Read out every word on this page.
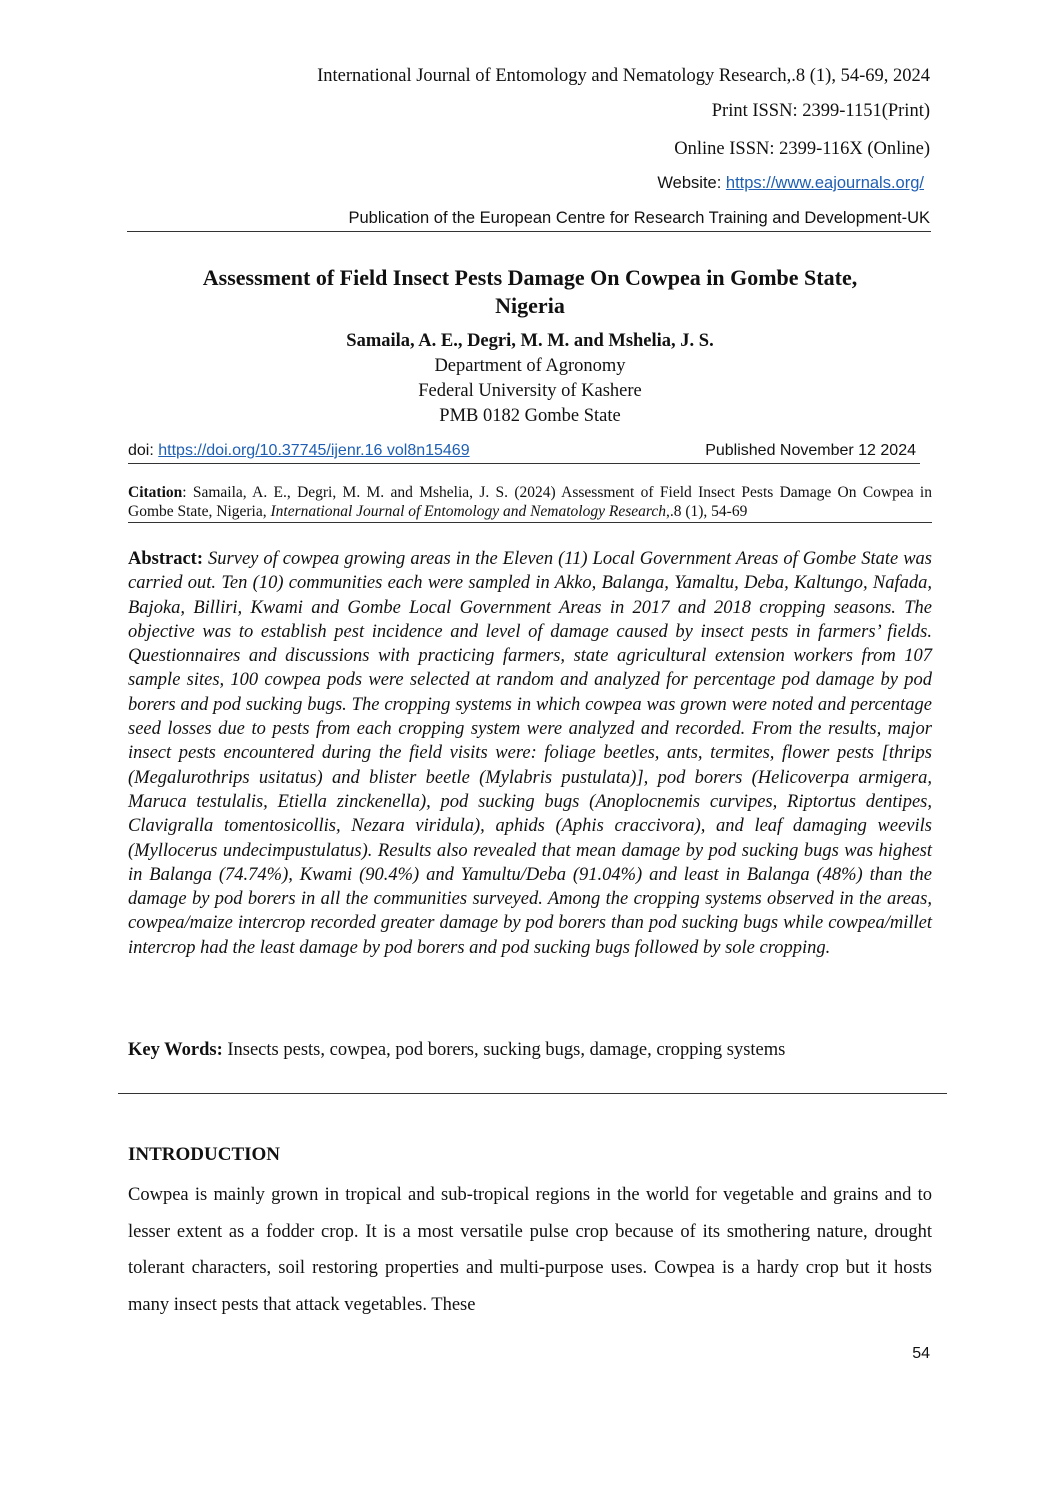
International Journal of Entomology and Nematology Research,.8 (1), 54-69, 2024
Print ISSN: 2399-1151(Print)
Online ISSN: 2399-116X (Online)
Website: https://www.eajournals.org/
Publication of the European Centre for Research Training and Development-UK
Assessment of Field Insect Pests Damage On Cowpea in Gombe State,
Nigeria
Samaila, A. E., Degri, M. M. and Mshelia, J. S.
Department of Agronomy
Federal University of Kashere
PMB 0182 Gombe State
doi: https://doi.org/10.37745/ijenr.16 vol8n15469	Published November 12 2024
Citation: Samaila, A. E., Degri, M. M. and Mshelia, J. S. (2024) Assessment of Field Insect Pests Damage On Cowpea in Gombe State, Nigeria, International Journal of Entomology and Nematology Research,.8 (1), 54-69
Abstract: Survey of cowpea growing areas in the Eleven (11) Local Government Areas of Gombe State was carried out. Ten (10) communities each were sampled in Akko, Balanga, Yamaltu, Deba, Kaltungo, Nafada, Bajoka, Billiri, Kwami and Gombe Local Government Areas in 2017 and 2018 cropping seasons. The objective was to establish pest incidence and level of damage caused by insect pests in farmers’ fields. Questionnaires and discussions with practicing farmers, state agricultural extension workers from 107 sample sites, 100 cowpea pods were selected at random and analyzed for percentage pod damage by pod borers and pod sucking bugs. The cropping systems in which cowpea was grown were noted and percentage seed losses due to pests from each cropping system were analyzed and recorded. From the results, major insect pests encountered during the field visits were: foliage beetles, ants, termites, flower pests [thrips (Megalurothrips usitatus) and blister beetle (Mylabris pustulata)], pod borers (Helicoverpa armigera, Maruca testulalis, Etiella zinckenella), pod sucking bugs (Anoplocnemis curvipes, Riptortus dentipes, Clavigralla tomentosicollis, Nezara viridula), aphids (Aphis craccivora), and leaf damaging weevils (Myllocerus undecimpustulatus). Results also revealed that mean damage by pod sucking bugs was highest in Balanga (74.74%), Kwami (90.4%) and Yamultu/Deba (91.04%) and least in Balanga (48%) than the damage by pod borers in all the communities surveyed. Among the cropping systems observed in the areas, cowpea/maize intercrop recorded greater damage by pod borers than pod sucking bugs while cowpea/millet intercrop had the least damage by pod borers and pod sucking bugs followed by sole cropping.
Key Words: Insects pests, cowpea, pod borers, sucking bugs, damage, cropping systems
INTRODUCTION
Cowpea is mainly grown in tropical and sub-tropical regions in the world for vegetable and grains and to lesser extent as a fodder crop. It is a most versatile pulse crop because of its smothering nature, drought tolerant characters, soil restoring properties and multi-purpose uses. Cowpea is a hardy crop but it hosts many insect pests that attack vegetables. These
54
